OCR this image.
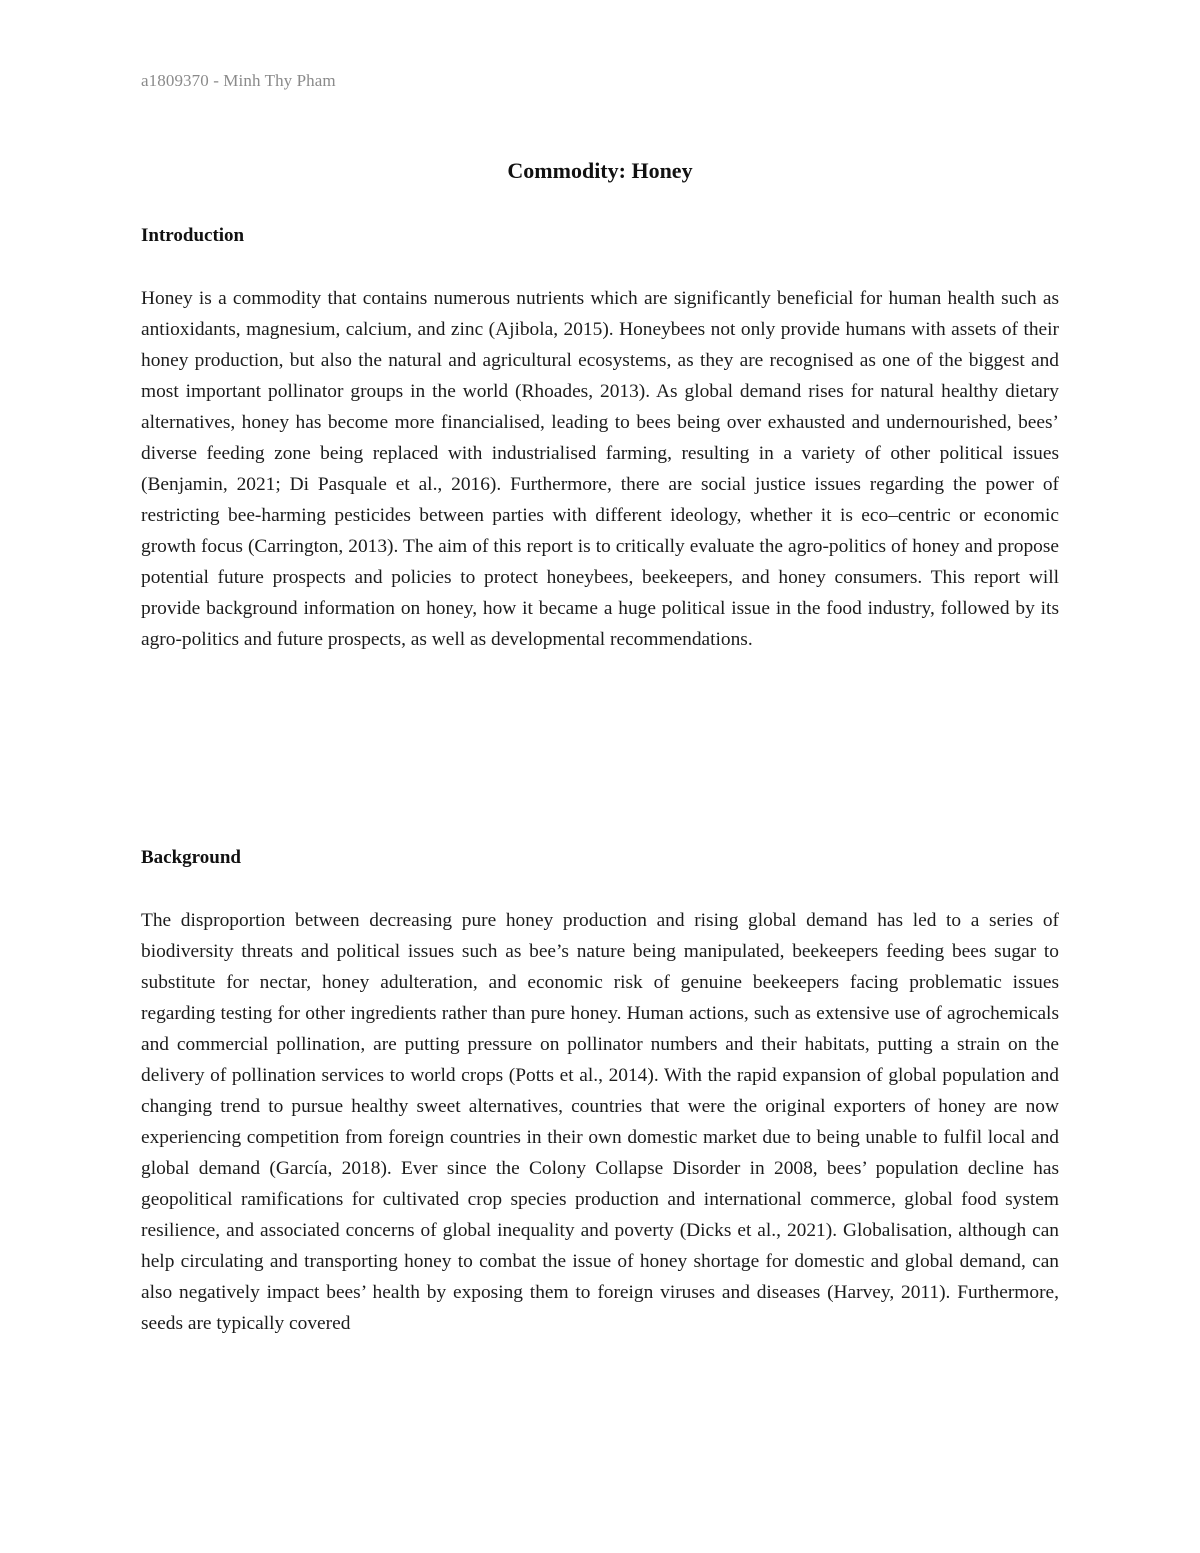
a1809370 - Minh Thy Pham
Commodity: Honey
Introduction
Honey is a commodity that contains numerous nutrients which are significantly beneficial for human health such as antioxidants, magnesium, calcium, and zinc (Ajibola, 2015). Honeybees not only provide humans with assets of their honey production, but also the natural and agricultural ecosystems, as they are recognised as one of the biggest and most important pollinator groups in the world (Rhoades, 2013). As global demand rises for natural healthy dietary alternatives, honey has become more financialised, leading to bees being over exhausted and undernourished, bees’ diverse feeding zone being replaced with industrialised farming, resulting in a variety of other political issues (Benjamin, 2021; Di Pasquale et al., 2016). Furthermore, there are social justice issues regarding the power of restricting bee-harming pesticides between parties with different ideology, whether it is eco–centric or economic growth focus (Carrington, 2013). The aim of this report is to critically evaluate the agro-politics of honey and propose potential future prospects and policies to protect honeybees, beekeepers, and honey consumers. This report will provide background information on honey, how it became a huge political issue in the food industry, followed by its agro-politics and future prospects, as well as developmental recommendations.
Background
The disproportion between decreasing pure honey production and rising global demand has led to a series of biodiversity threats and political issues such as bee’s nature being manipulated, beekeepers feeding bees sugar to substitute for nectar, honey adulteration, and economic risk of genuine beekeepers facing problematic issues regarding testing for other ingredients rather than pure honey. Human actions, such as extensive use of agrochemicals and commercial pollination, are putting pressure on pollinator numbers and their habitats, putting a strain on the delivery of pollination services to world crops (Potts et al., 2014). With the rapid expansion of global population and changing trend to pursue healthy sweet alternatives, countries that were the original exporters of honey are now experiencing competition from foreign countries in their own domestic market due to being unable to fulfil local and global demand (García, 2018). Ever since the Colony Collapse Disorder in 2008, bees’ population decline has geopolitical ramifications for cultivated crop species production and international commerce, global food system resilience, and associated concerns of global inequality and poverty (Dicks et al., 2021). Globalisation, although can help circulating and transporting honey to combat the issue of honey shortage for domestic and global demand, can also negatively impact bees’ health by exposing them to foreign viruses and diseases (Harvey, 2011). Furthermore, seeds are typically covered
